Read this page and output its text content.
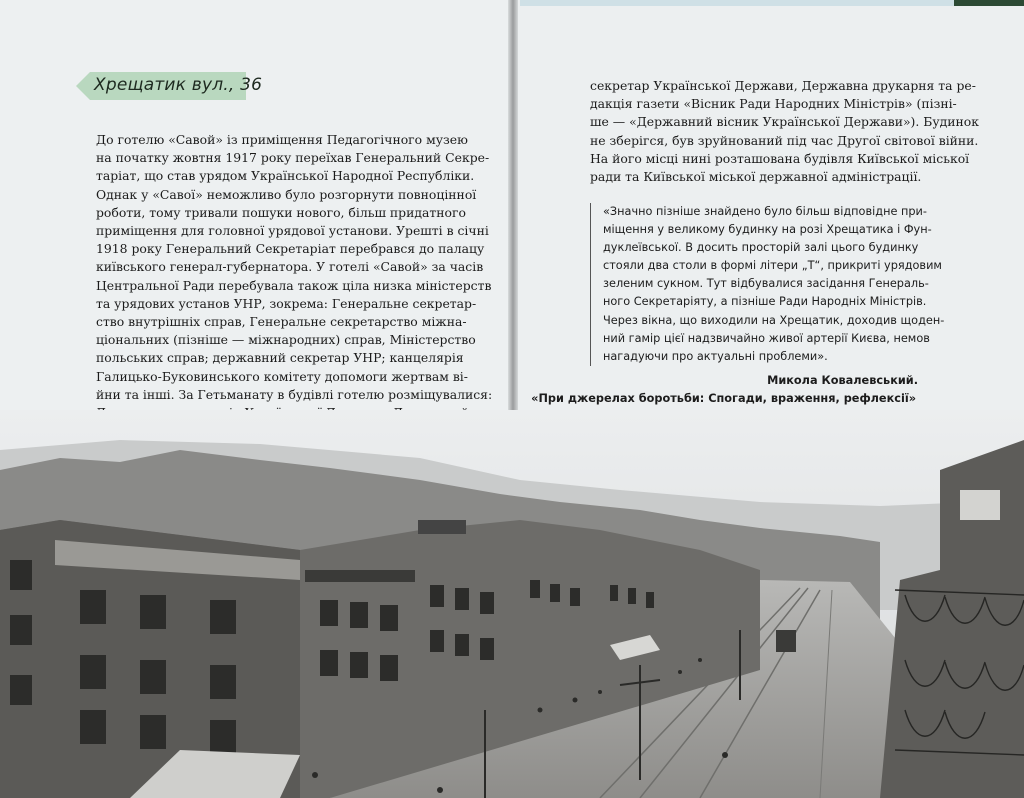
Хрещатик вул., 36
До готелю «Савой» із приміщення Педагогічного музею
на початку жовтня 1917 року переїхав Генеральний Секре-
таріат, що став урядом Української Народної Республіки.
Однак у «Савої» неможливо було розгорнути повноцінної
роботи, тому тривали пошуки нового, більш придатного
приміщення для головної урядової установи. Урешті в січні
1918 року Генеральний Секретаріат перебрався до палацу
київського генерал-губернатора. У готелі «Савой» за часів
Центральної Ради перебувала також ціла низка міністерств
та урядових установ УНР, зокрема: Генеральне секретар-
ство внутрішніх справ, Генеральне секретарство міжна-
ціональних (пізніше — міжнародних) справ, Міністерство
польських справ; державний секретар УНР; канцелярія
Галицько-Буковинського комітету допомоги жертвам ві-
йни та інші. За Гетьманату в будівлі готелю розміщувалися:
секретар Української Держави, Державна друкарня та ре-
дакція газети «Вісник Ради Народних Міністрів» (пізні-
ше — «Державний вісник Української Держави»). Будинок
не зберігся, був зруйнований під час Другої світової війни.
На його місці нині розташована будівля Київської міської
ради та Київської міської державної адміністрації.
«Значно пізніше знайдено було більш відповідне при-
міщення у великому будинку на розі Хрещатика і Фун-
дуклеївської. В досить просторій залі цього будинку
стояли два столи в формі літери „Т“, прикриті урядовим
зеленим сукном. Тут відбувалися засідання Генераль-
ного Секретаріяту, а пізніше Ради Народніх Міністрів.
Через вікна, що виходили на Хрещатик, доходив щоден-
ний гамір цієї надзвичайно живої артерії Києва, немов
нагадуючи про актуальні проблеми».
Микола Ковалевський.
«При джерелах боротьби: Спогади, враження, рефлексії»
